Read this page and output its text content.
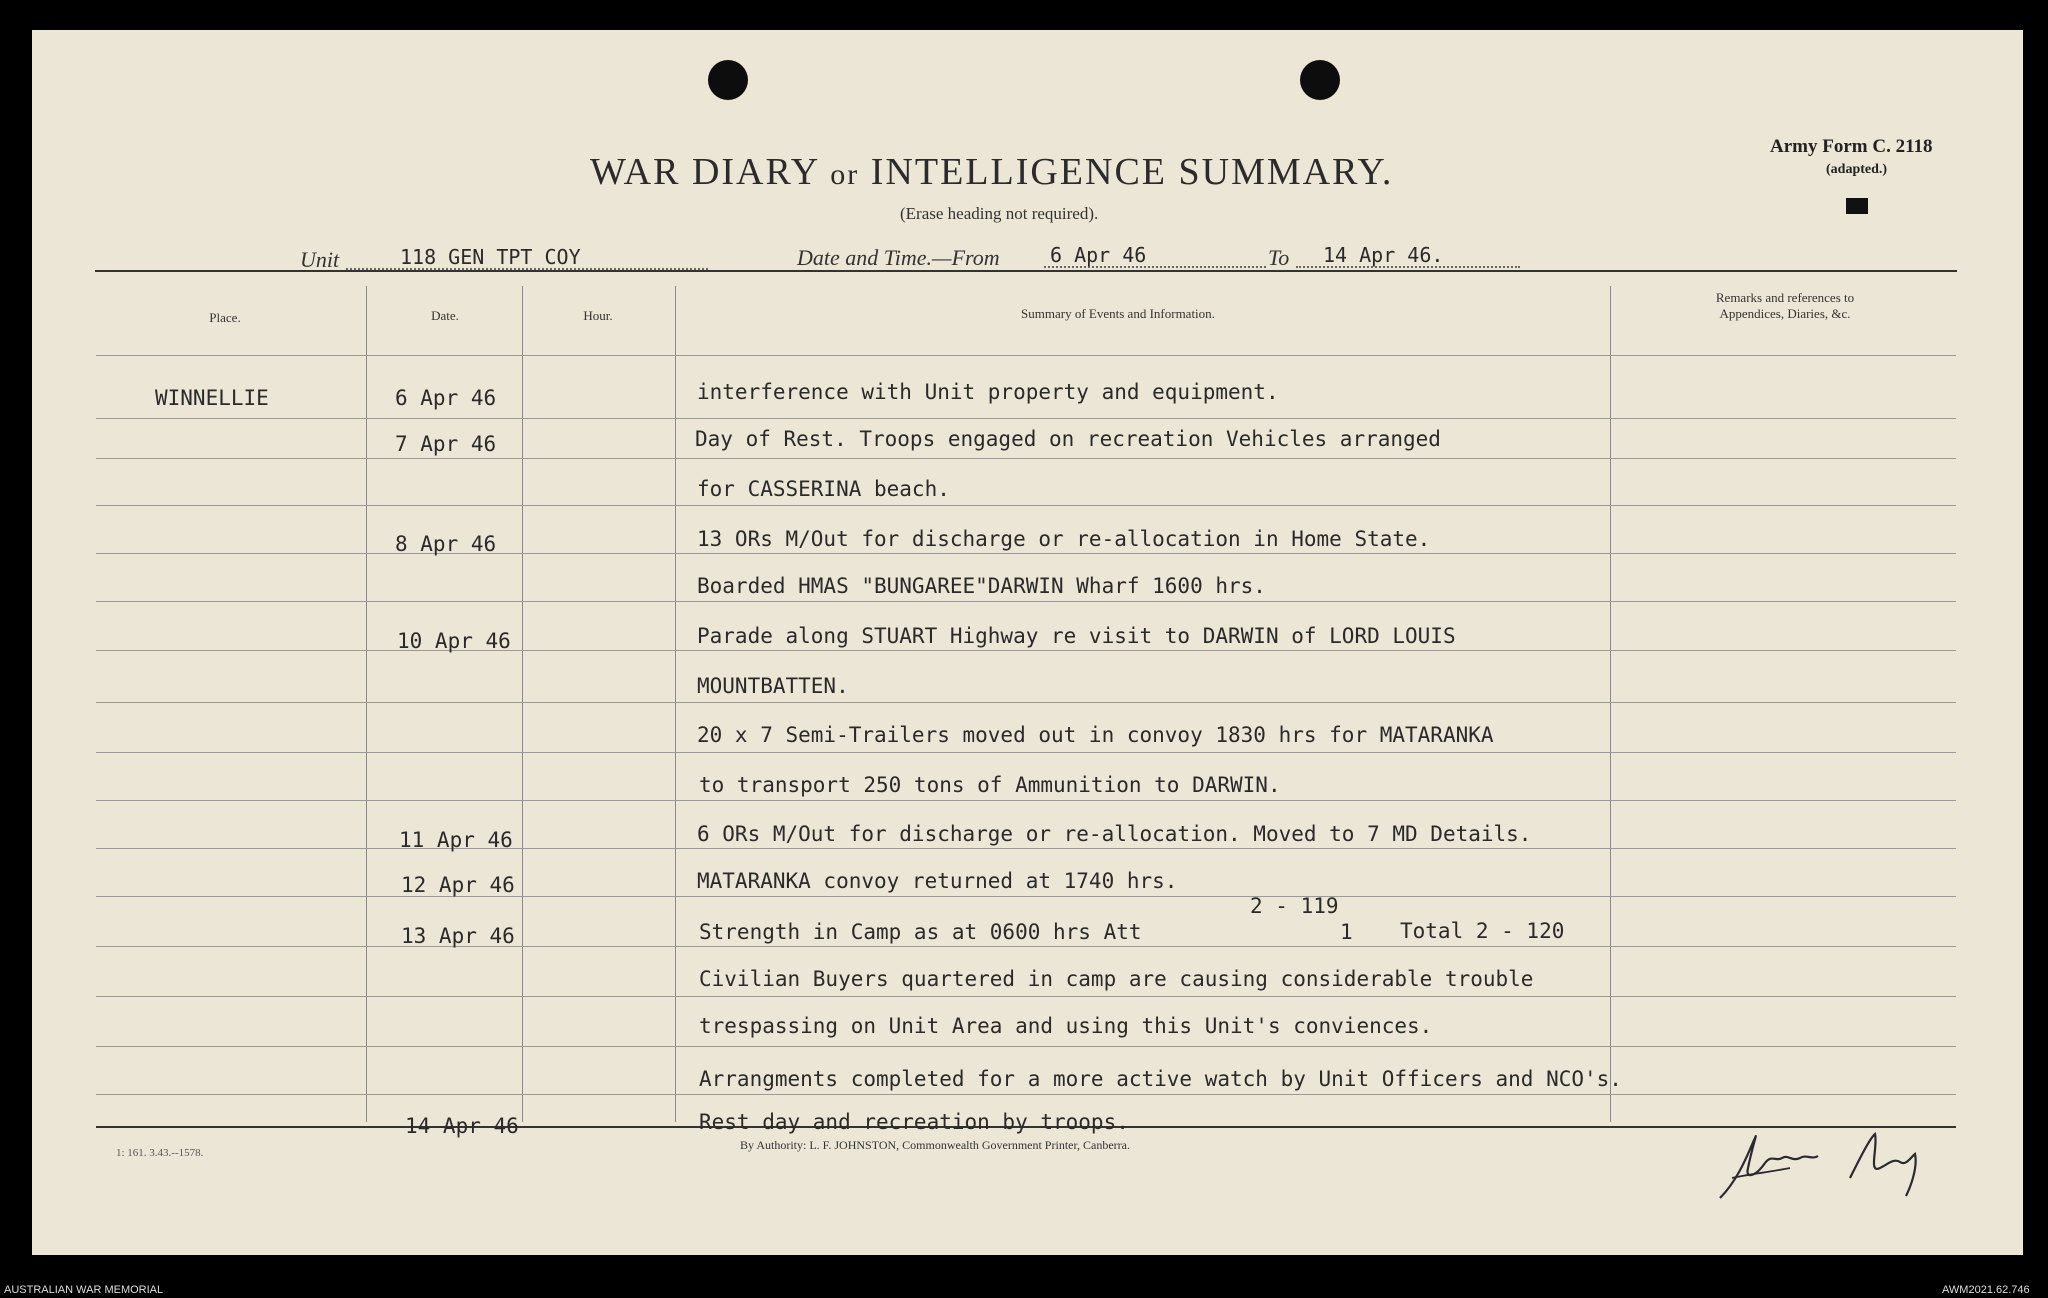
WAR DIARY or INTELLIGENCE SUMMARY.
(Erase heading not required).
Army Form C. 2118
(adapted.)
Unit	118 GEN TPT COY	Date and Time.—From	6 Apr 46	To 14 Apr 46.
Place.	Date.	Hour.	Summary of Events and Information.
Remarks and references to
Appendices, Diaries, &c.
WINNELLIE	6 Apr 46	interference with Unit property and equipment.
7 Apr 46	Day of Rest. Troops engaged on recreation Vehicles arranged
for CASSERINA beach.
8 Apr 46	13 ORs M/Out for discharge or re-allocation in Home State.
Boarded HMAS "BUNGAREE"DARWIN Wharf 1600 hrs.
10 Apr 46	Parade along STUART Highway re visit to DARWIN of LORD LOUIS
MOUNTBATTEN.
20 x 7 Semi-Trailers moved out in convoy 1830 hrs for MATARANKA
to transport 250 tons of Ammunition to DARWIN.
11 Apr 46	6 ORs M/Out for discharge or re-allocation. Moved to 7 MD Details.
12 Apr 46	MATARANKA convoy returned at 1740 hrs.
2 - 119
13 Apr 46	Strength in Camp as at 0600 hrs Att	1 Total 2 - 120
Civilian Buyers quartered in camp are causing considerable trouble
trespassing on Unit Area and using this Unit's conviences.
Arrangments completed for a more active watch by Unit Officers and NCO's.
14 Apr 46	Rest day and recreation by troops.
1: 161. 3.43.--1578.
By Authority: L. F. JOHNSTON, Commonwealth Government Printer, Canberra.
AUSTRALIAN WAR MEMORIAL	AWM2021.62.746
